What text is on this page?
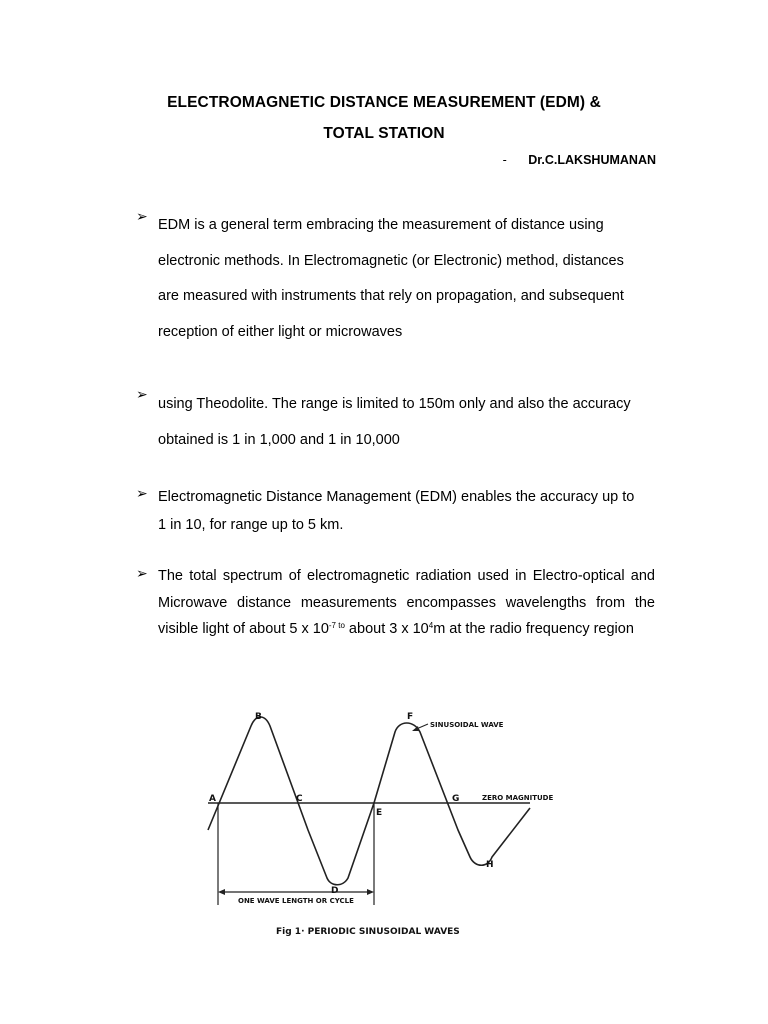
ELECTROMAGNETIC DISTANCE MEASUREMENT (EDM) &
TOTAL STATION
- Dr.C.LAKSHUMANAN
➢
EDM is a general term embracing the measurement of distance using
electronic methods. In Electromagnetic (or Electronic) method, distances
are measured with instruments that rely on propagation, and subsequent
reception of either light or microwaves
➢
using Theodolite. The range is limited to 150m only and also the accuracy
obtained is 1 in 1,000 and 1 in 10,000
➢ Electromagnetic Distance Management (EDM) enables the accuracy up to
1 in 10, for range up to 5 km.
➢ The total spectrum of electromagnetic radiation used in Electro-optical and
Microwave distance measurements encompasses wavelengths from the
visible light of about 5 x $10^{-7 to}$ about 3 x $10^4m$ at the radio frequency region
A
B
C
D
E
F
G
H
SINUSOIDAL WAVE
ZERO MAGNITUDE
ONE WAVE LENGTH OR CYCLE
Fig 1· PERIODIC SINUSOIDAL WAVES
